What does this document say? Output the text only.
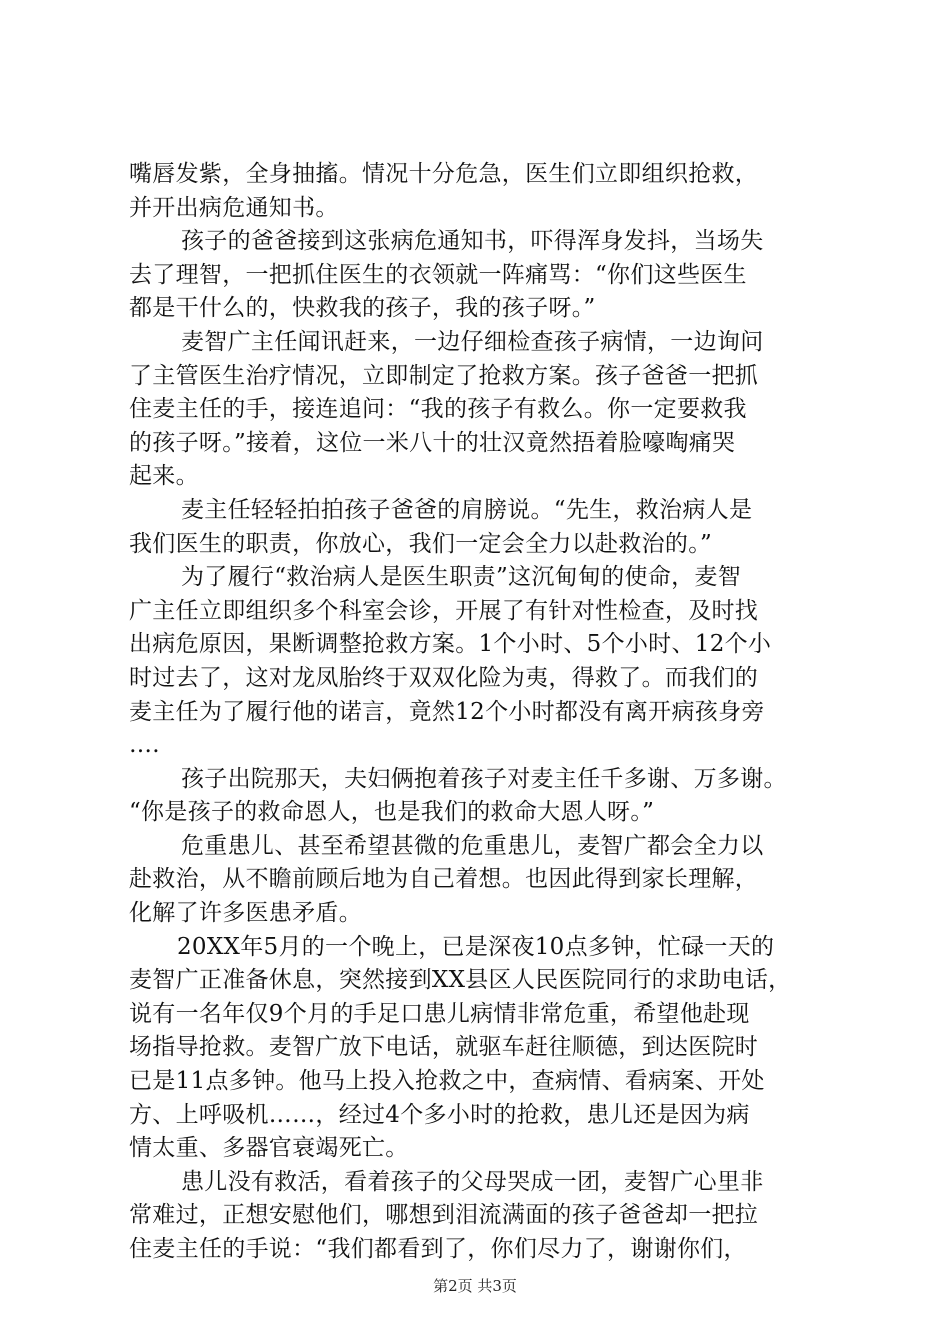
嘴唇发紫，全身抽搐。情况十分危急，医生们立即组织抢救，
并开出病危通知书。
孩子的爸爸接到这张病危通知书，吓得浑身发抖，当场失
去了理智，一把抓住医生的衣领就一阵痛骂：“你们这些医生
都是干什么的，快救我的孩子，我的孩子呀。”
麦智广主任闻讯赶来，一边仔细检查孩子病情，一边询问
了主管医生治疗情况，立即制定了抢救方案。孩子爸爸一把抓
住麦主任的手，接连追问：“我的孩子有救么。你一定要救我
的孩子呀。”接着，这位一米八十的壮汉竟然捂着脸嚎啕痛哭
起来。
麦主任轻轻拍拍孩子爸爸的肩膀说。“先生，救治病人是
我们医生的职责，你放心，我们一定会全力以赴救治的。”
为了履行“救治病人是医生职责”这沉甸甸的使命，麦智
广主任立即组织多个科室会诊，开展了有针对性检查，及时找
出病危原因，果断调整抢救方案。1个小时、5个小时、12个小
时过去了，这对龙凤胎终于双双化险为夷，得救了。而我们的
麦主任为了履行他的诺言，竟然12个小时都没有离开病孩身旁
….
孩子出院那天，夫妇俩抱着孩子对麦主任千多谢、万多谢。
“你是孩子的救命恩人，也是我们的救命大恩人呀。”
危重患儿、甚至希望甚微的危重患儿，麦智广都会全力以
赴救治，从不瞻前顾后地为自己着想。也因此得到家长理解，
化解了许多医患矛盾。
20XX年5月的一个晚上，已是深夜10点多钟，忙碌一天的
麦智广正准备休息，突然接到XX县区人民医院同行的求助电话，
说有一名年仅9个月的手足口患儿病情非常危重，希望他赴现
场指导抢救。麦智广放下电话，就驱车赶往顺德，到达医院时
已是11点多钟。他马上投入抢救之中，查病情、看病案、开处
方、上呼吸机……，经过4个多小时的抢救，患儿还是因为病
情太重、多器官衰竭死亡。
患儿没有救活，看着孩子的父母哭成一团，麦智广心里非
常难过，正想安慰他们，哪想到泪流满面的孩子爸爸却一把拉
住麦主任的手说：“我们都看到了，你们尽力了，谢谢你们，
第2页 共3页
